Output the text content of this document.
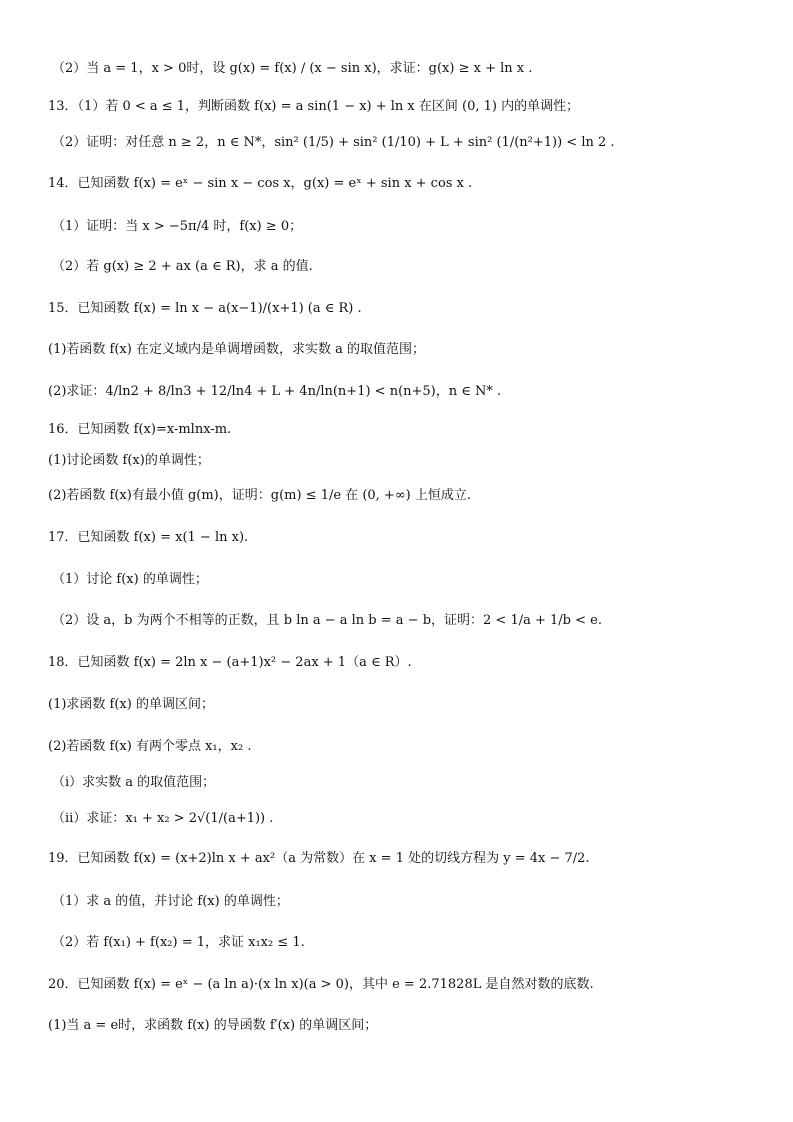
（2）当 a = 1，x > 0时，设 g(x) = f(x) / (x − sin x)，求证：g(x) ≥ x + ln x .
13．（1）若 0 < a ≤ 1，判断函数 f(x) = a sin(1 − x) + ln x 在区间 (0, 1) 内的单调性；
（2）证明：对任意 n ≥ 2，n ∈ N*，sin² (1/5) + sin² (1/10) + L + sin² (1/(n²+1)) < ln 2 .
14．已知函数 f(x) = eˣ − sin x − cos x，g(x) = eˣ + sin x + cos x .
（1）证明：当 x > −5π/4 时，f(x) ≥ 0；
（2）若 g(x) ≥ 2 + ax (a ∈ R)，求 a 的值.
15．已知函数 f(x) = ln x − a(x−1)/(x+1) (a ∈ R) .
(1)若函数 f(x) 在定义域内是单调增函数，求实数 a 的取值范围；
(2)求证：4/ln2 + 8/ln3 + 12/ln4 + L + 4n/ln(n+1) < n(n+5)，n ∈ N* .
16．已知函数 f(x)=x-mlnx-m.
(1)讨论函数 f(x)的单调性；
(2)若函数 f(x)有最小值 g(m)，证明：g(m) ≤ 1/e 在 (0, +∞) 上恒成立.
17．已知函数 f(x) = x(1 − ln x).
（1）讨论 f(x) 的单调性；
（2）设 a，b 为两个不相等的正数，且 b ln a − a ln b = a − b，证明：2 < 1/a + 1/b < e.
18．已知函数 f(x) = 2ln x − (a+1)x² − 2ax + 1（a ∈ R）.
(1)求函数 f(x) 的单调区间；
(2)若函数 f(x) 有两个零点 x₁，x₂ .
（i）求实数 a 的取值范围；
（ii）求证：x₁ + x₂ > 2√(1/(a+1)) .
19．已知函数 f(x) = (x+2)ln x + ax²（a 为常数）在 x = 1 处的切线方程为 y = 4x − 7/2.
（1）求 a 的值，并讨论 f(x) 的单调性；
（2）若 f(x₁) + f(x₂) = 1，求证 x₁x₂ ≤ 1.
20．已知函数 f(x) = eˣ − (a ln a)·(x ln x)(a > 0)，其中 e = 2.71828L 是自然对数的底数.
(1)当 a = e时，求函数 f(x) 的导函数 f′(x) 的单调区间；
